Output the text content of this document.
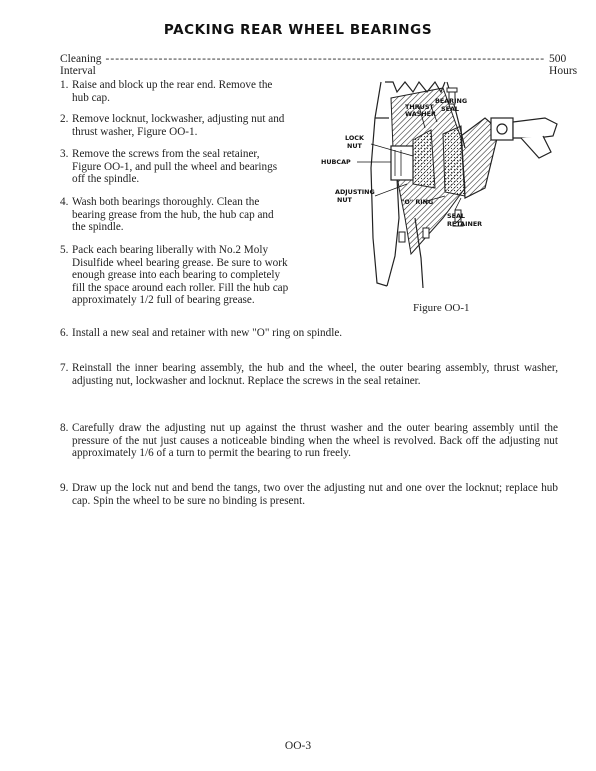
PACKING REAR WHEEL BEARINGS
Cleaning Interval
------------------------------------------------------------------------------------------- 500 Hours
1. Raise and block up the rear end. Remove the hub cap.
2. Remove locknut, lockwasher, adjusting nut and thrust washer, Figure OO-1.
3. Remove the screws from the seal retainer, Figure OO-1, and pull the wheel and bearings off the spindle.
4. Wash both bearings thoroughly. Clean the bearing grease from the hub, the hub cap and the spindle.
5. Pack each bearing liberally with No.2 Moly Disulfide wheel bearing grease. Be sure to work enough grease into each bearing to completely fill the space around each roller. Fill the hub cap approximately 1/2 full of bearing grease.
6. Install a new seal and retainer with new "O" ring on spindle.
7. Reinstall the inner bearing assembly, the hub and the wheel, the outer bearing assembly, thrust washer, adjusting nut, lockwasher and locknut. Replace the screws in the seal retainer.
8. Carefully draw the adjusting nut up against the thrust washer and the outer bearing assembly until the pressure of the nut just causes a noticeable binding when the wheel is revolved. Back off the adjusting nut approximately 1/6 of a turn to permit the bearing to run freely.
9. Draw up the lock nut and bend the tangs, two over the adjusting nut and one over the locknut; replace hub cap. Spin the wheel to be sure no binding is present.
BEARING
SEAL
THRUST
WASHER
LOCK
NUT
HUBCAP
ADJUSTING
NUT	"O" RING
SEAL
RETAINER
Figure OO-1
OO-3
